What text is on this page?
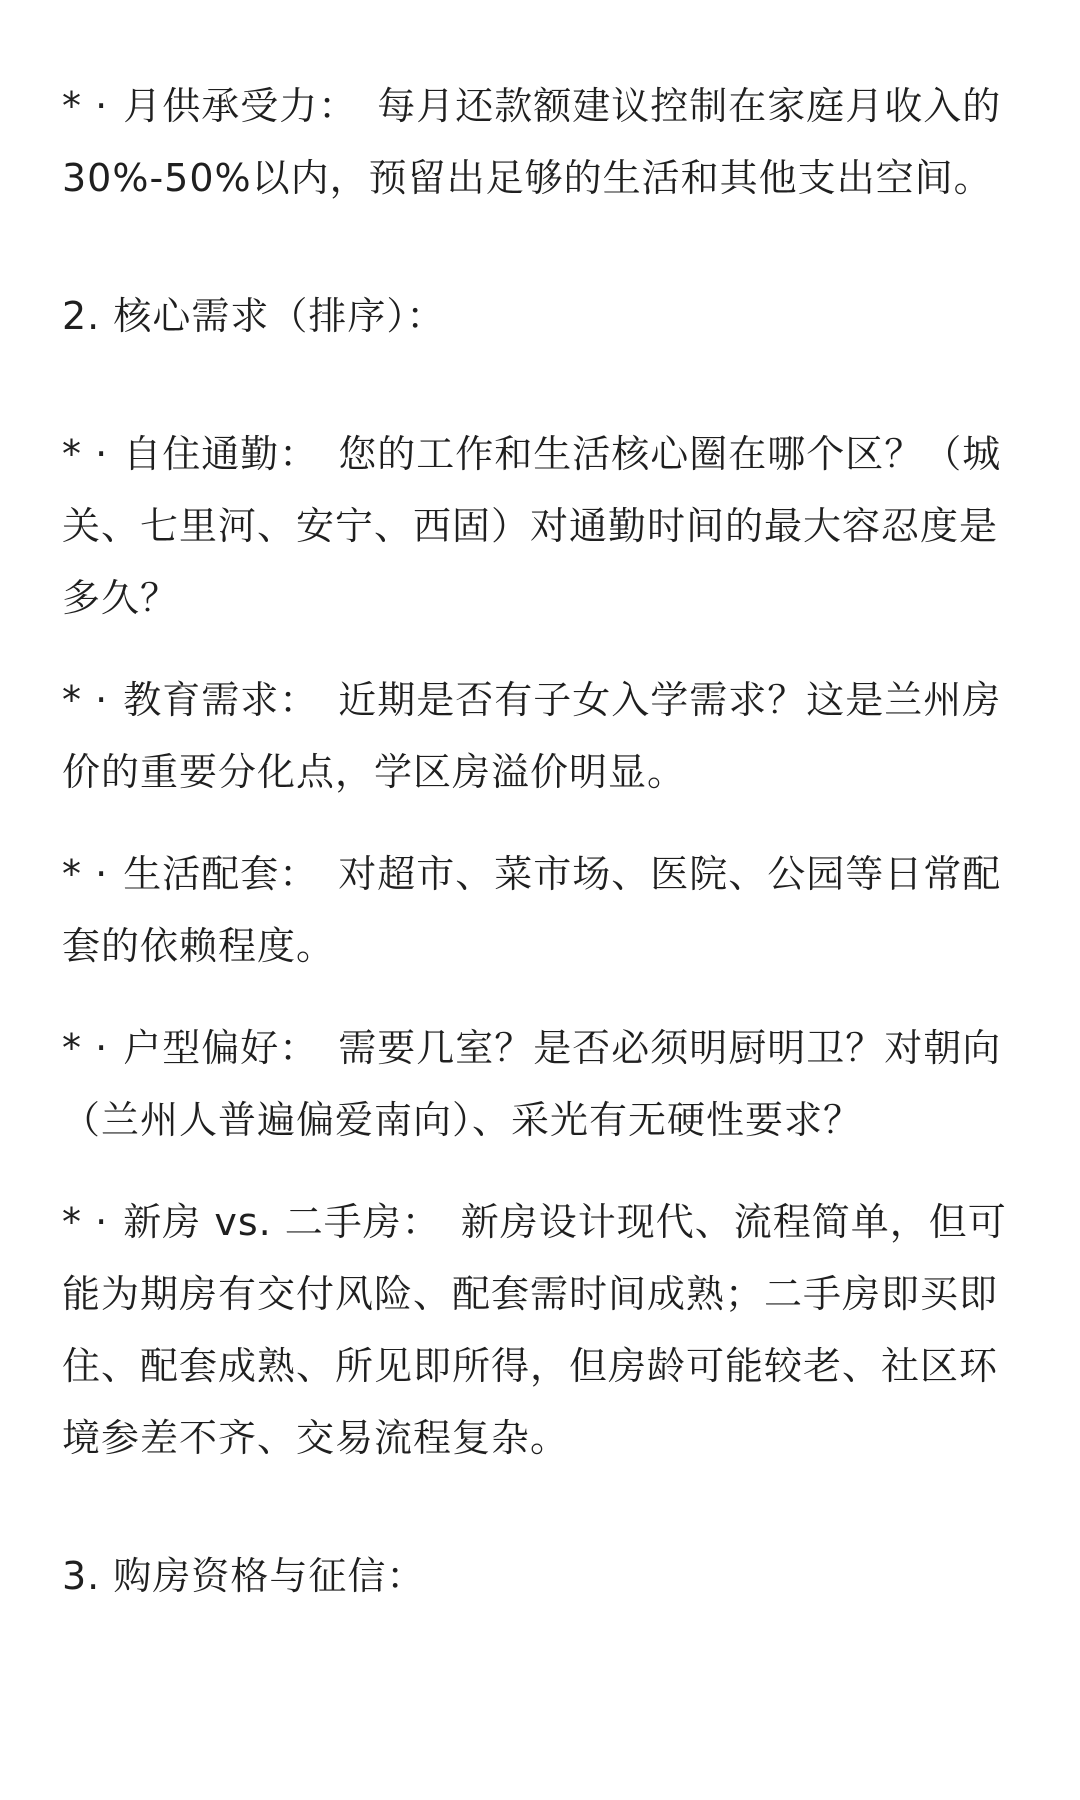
* · 月供承受力： 每月还款额建议控制在家庭月收入的30%-50%以内，预留出足够的生活和其他支出空间。

2. 核心需求（排序）：

* · 自住通勤： 您的工作和生活核心圈在哪个区？（城关、七里河、安宁、西固）对通勤时间的最大容忍度是多久？

* · 教育需求： 近期是否有子女入学需求？这是兰州房价的重要分化点，学区房溢价明显。

* · 生活配套： 对超市、菜市场、医院、公园等日常配套的依赖程度。

* · 户型偏好： 需要几室？是否必须明厨明卫？对朝向（兰州人普遍偏爱南向）、采光有无硬性要求？

* · 新房 vs. 二手房： 新房设计现代、流程简单，但可能为期房有交付风险、配套需时间成熟；二手房即买即住、配套成熟、所见即所得，但房龄可能较老、社区环境参差不齐、交易流程复杂。

3. 购房资格与征信：
